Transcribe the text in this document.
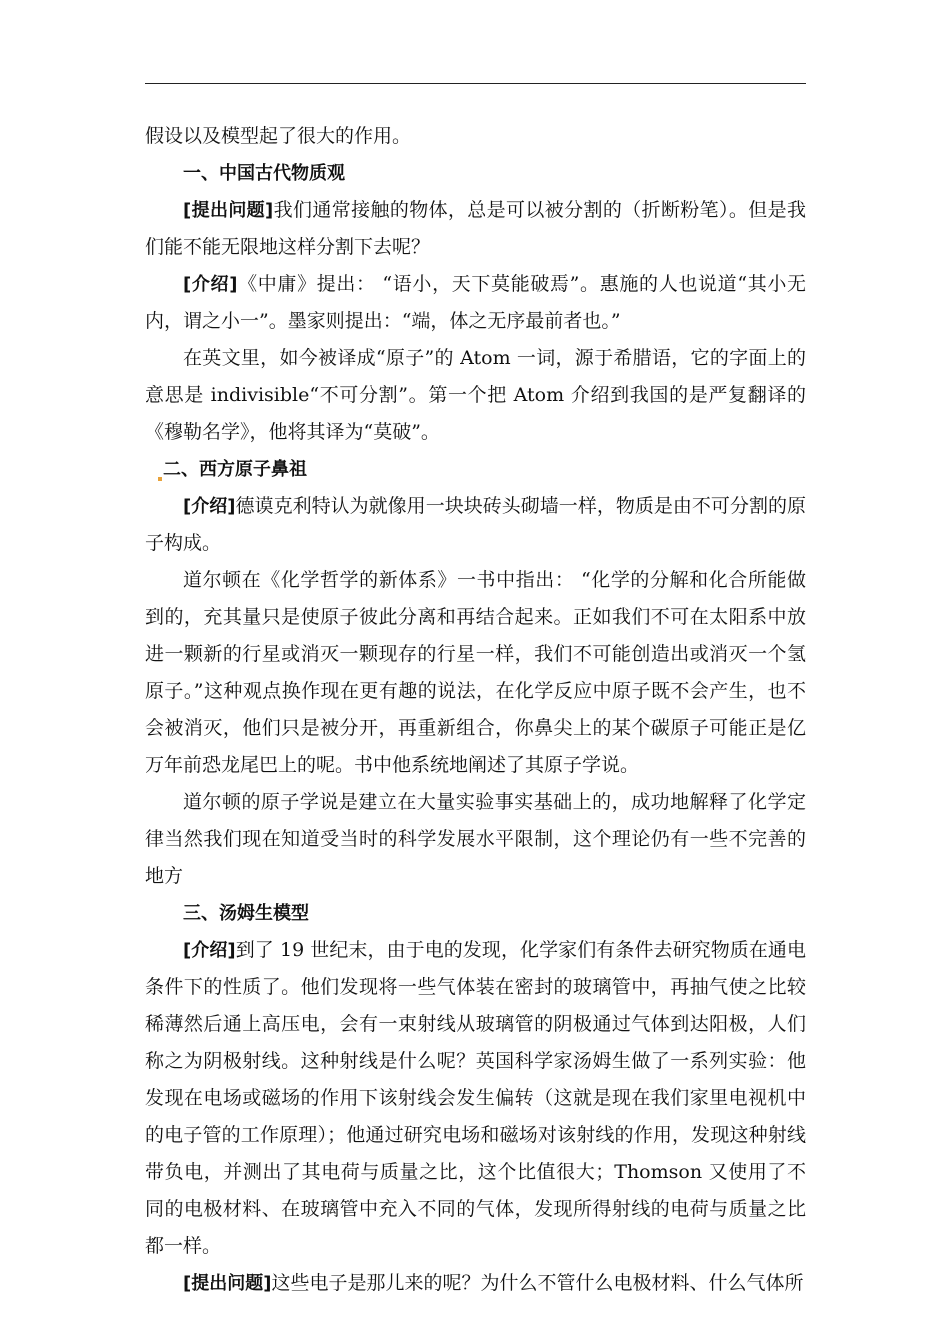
假设以及模型起了很大的作用。

一、中国古代物质观

[提出问题]我们通常接触的物体，总是可以被分割的（折断粉笔）。但是我们能不能无限地这样分割下去呢？

[介绍]《中庸》提出： “语小，天下莫能破焉”。惠施的人也说道“其小无内，谓之小一”。墨家则提出：“端，体之无序最前者也。”

在英文里，如今被译成“原子”的 Atom 一词，源于希腊语，它的字面上的意思是 indivisible“不可分割”。第一个把 Atom 介绍到我国的是严复翻译的《穆勒名学》，他将其译为“莫破”。

二、西方原子鼻祖

[介绍]德谟克利特认为就像用一块块砖头砌墙一样，物质是由不可分割的原子构成。

道尔顿在《化学哲学的新体系》一书中指出： “化学的分解和化合所能做到的，充其量只是使原子彼此分离和再结合起来。正如我们不可在太阳系中放进一颗新的行星或消灭一颗现存的行星一样，我们不可能创造出或消灭一个氢原子。”这种观点换作现在更有趣的说法，在化学反应中原子既不会产生，也不会被消灭，他们只是被分开，再重新组合，你鼻尖上的某个碳原子可能正是亿万年前恐龙尾巴上的呢。书中他系统地阐述了其原子学说。

道尔顿的原子学说是建立在大量实验事实基础上的，成功地解释了化学定律当然我们现在知道受当时的科学发展水平限制，这个理论仍有一些不完善的地方

三、汤姆生模型

[介绍]到了 19 世纪末，由于电的发现，化学家们有条件去研究物质在通电条件下的性质了。他们发现将一些气体装在密封的玻璃管中，再抽气使之比较稀薄然后通上高压电，会有一束射线从玻璃管的阴极通过气体到达阳极，人们称之为阴极射线。这种射线是什么呢？英国科学家汤姆生做了一系列实验：他发现在电场或磁场的作用下该射线会发生偏转（这就是现在我们家里电视机中的电子管的工作原理）；他通过研究电场和磁场对该射线的作用，发现这种射线带负电，并测出了其电荷与质量之比，这个比值很大；Thomson 又使用了不同的电极材料、在玻璃管中充入不同的气体，发现所得射线的电荷与质量之比都一样。

[提出问题]这些电子是那儿来的呢？为什么不管什么电极材料、什么气体所
